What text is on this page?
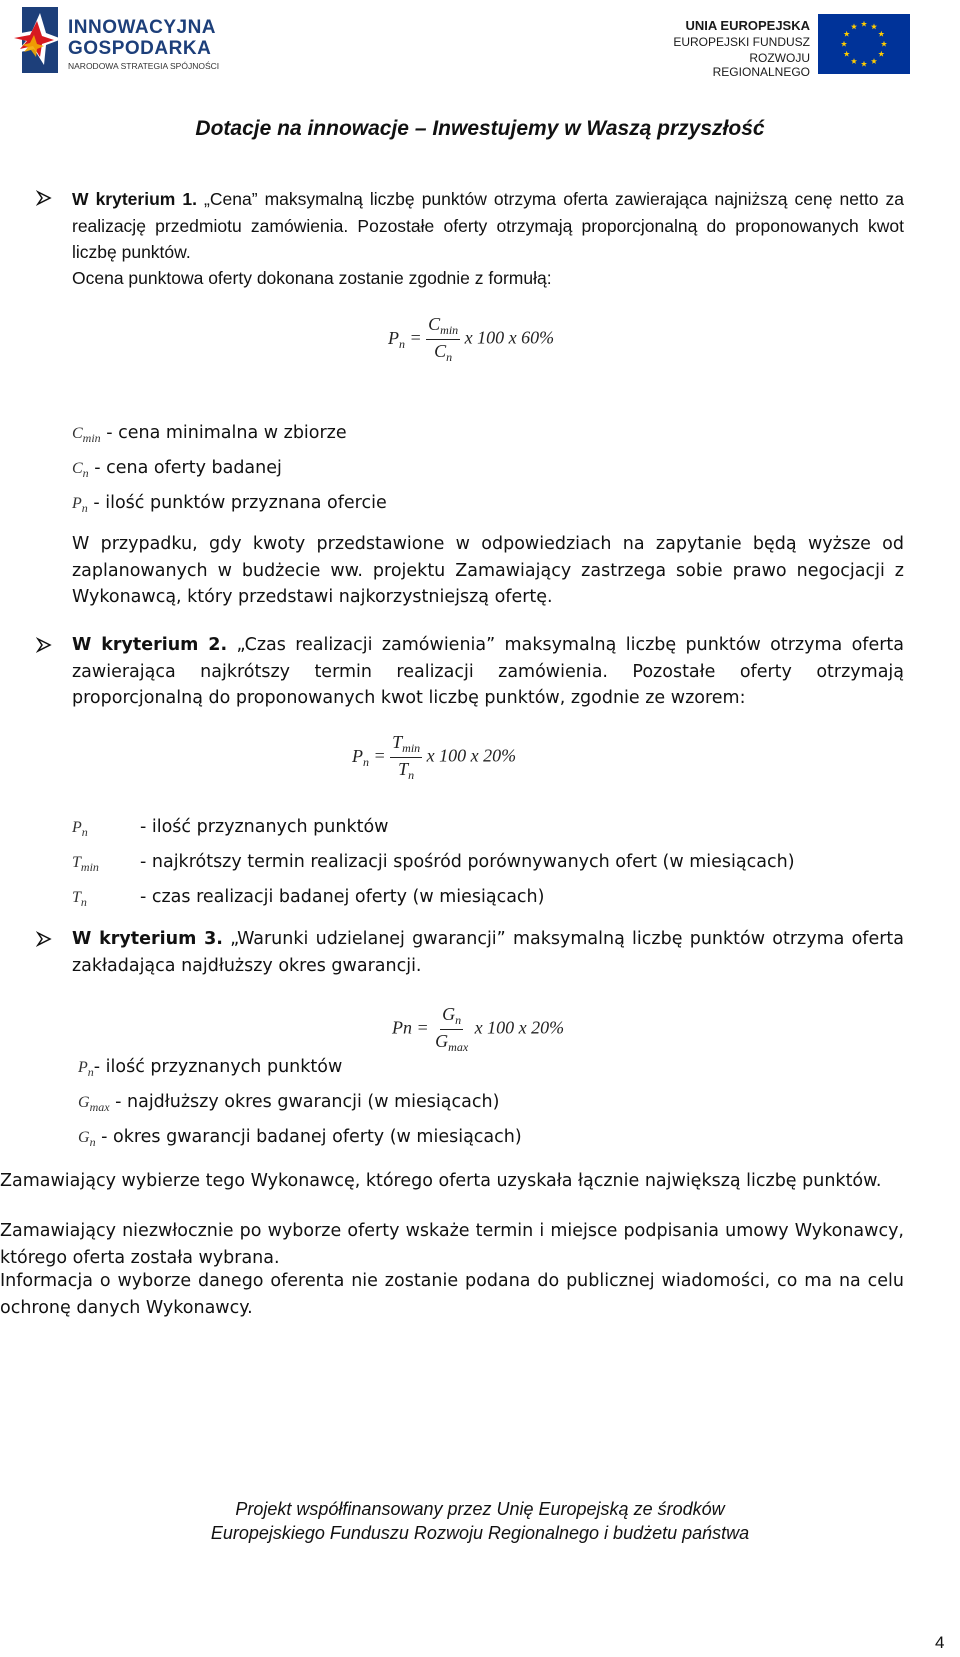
INNOWACYJNA
GOSPODARKA
NARODOWA STRATEGIA SPÓJNOŚCI
UNIA EUROPEJSKA
EUROPEJSKI FUNDUSZ
ROZWOJU REGIONALNEGO
Dotacje na innowacje – Inwestujemy w Waszą przyszłość
W kryterium 1. „Cena” maksymalną liczbę punktów otrzyma oferta zawierająca najniższą cenę netto za realizację przedmiotu zamówienia. Pozostałe oferty otrzymają proporcjonalną do proponowanych kwot liczbę punktów.
Ocena punktowa oferty dokonana zostanie zgodnie z formułą:
$P_n = \frac{C_{min}}{C_n}$ x 100 x 60%
$C_{min}$ - cena minimalna w zbiorze
$C_n$ - cena oferty badanej
$P_n$ - ilość punktów przyznana ofercie
W przypadku, gdy kwoty przedstawione w odpowiedziach na zapytanie będą wyższe od zaplanowanych w budżecie ww. projektu Zamawiający zastrzega sobie prawo negocjacji z Wykonawcą, który przedstawi najkorzystniejszą ofertę.
W kryterium 2. „Czas realizacji zamówienia” maksymalną liczbę punktów otrzyma oferta zawierająca najkrótszy termin realizacji zamówienia. Pozostałe oferty otrzymają proporcjonalną do proponowanych kwot liczbę punktów, zgodnie ze wzorem:
$P_n = \frac{T_{min}}{T_n}$ x 100 x 20%
$P_n$	- ilość przyznanych punktów
$T_{min}$ - najkrótszy termin realizacji spośród porównywanych ofert (w miesiącach)
$T_n$	- czas realizacji badanej oferty (w miesiącach)
W kryterium 3. „Warunki udzielanej gwarancji” maksymalną liczbę punktów otrzyma oferta zakładająca najdłuższy okres gwarancji.
$Pn = \frac{G_n}{G_{max}}$ x 100 x 20%
$P_n-$ ilość przyznanych punktów
$G_{max}$ - najdłuższy okres gwarancji (w miesiącach)
$G_n$ - okres gwarancji badanej oferty (w miesiącach)
Zamawiający wybierze tego Wykonawcę, którego oferta uzyskała łącznie największą liczbę punktów.
Zamawiający niezwłocznie po wyborze oferty wskaże termin i miejsce podpisania umowy Wykonawcy, którego oferta została wybrana.
Informacja o wyborze danego oferenta nie zostanie podana do publicznej wiadomości, co ma na celu ochronę danych Wykonawcy.
Projekt współfinansowany przez Unię Europejską ze środków
Europejskiego Funduszu Rozwoju Regionalnego i budżetu państwa
4
